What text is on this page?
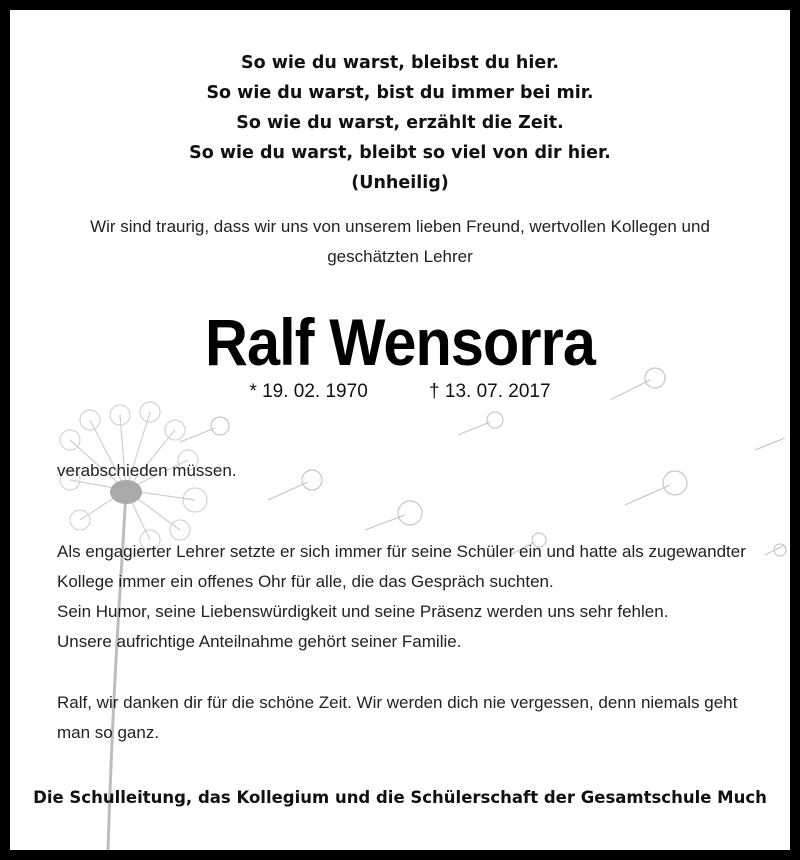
So wie du warst, bleibst du hier.
So wie du warst, bist du immer bei mir.
So wie du warst, erzählt die Zeit.
So wie du warst, bleibt so viel von dir hier.
(Unheilig)
Wir sind traurig, dass wir uns von unserem lieben Freund, wertvollen Kollegen und
geschätzten Lehrer
Ralf Wensorra
* 19. 02. 1970	† 13. 07. 2017
verabschieden müssen.
Als engagierter Lehrer setzte er sich immer für seine Schüler ein und hatte als zugewandter
Kollege immer ein offenes Ohr für alle, die das Gespräch suchten.
Sein Humor, seine Liebenswürdigkeit und seine Präsenz werden uns sehr fehlen.
Unsere aufrichtige Anteilnahme gehört seiner Familie.
Ralf, wir danken dir für die schöne Zeit. Wir werden dich nie vergessen, denn niemals geht
man so ganz.
Die Schulleitung, das Kollegium und die Schülerschaft der Gesamtschule Much
